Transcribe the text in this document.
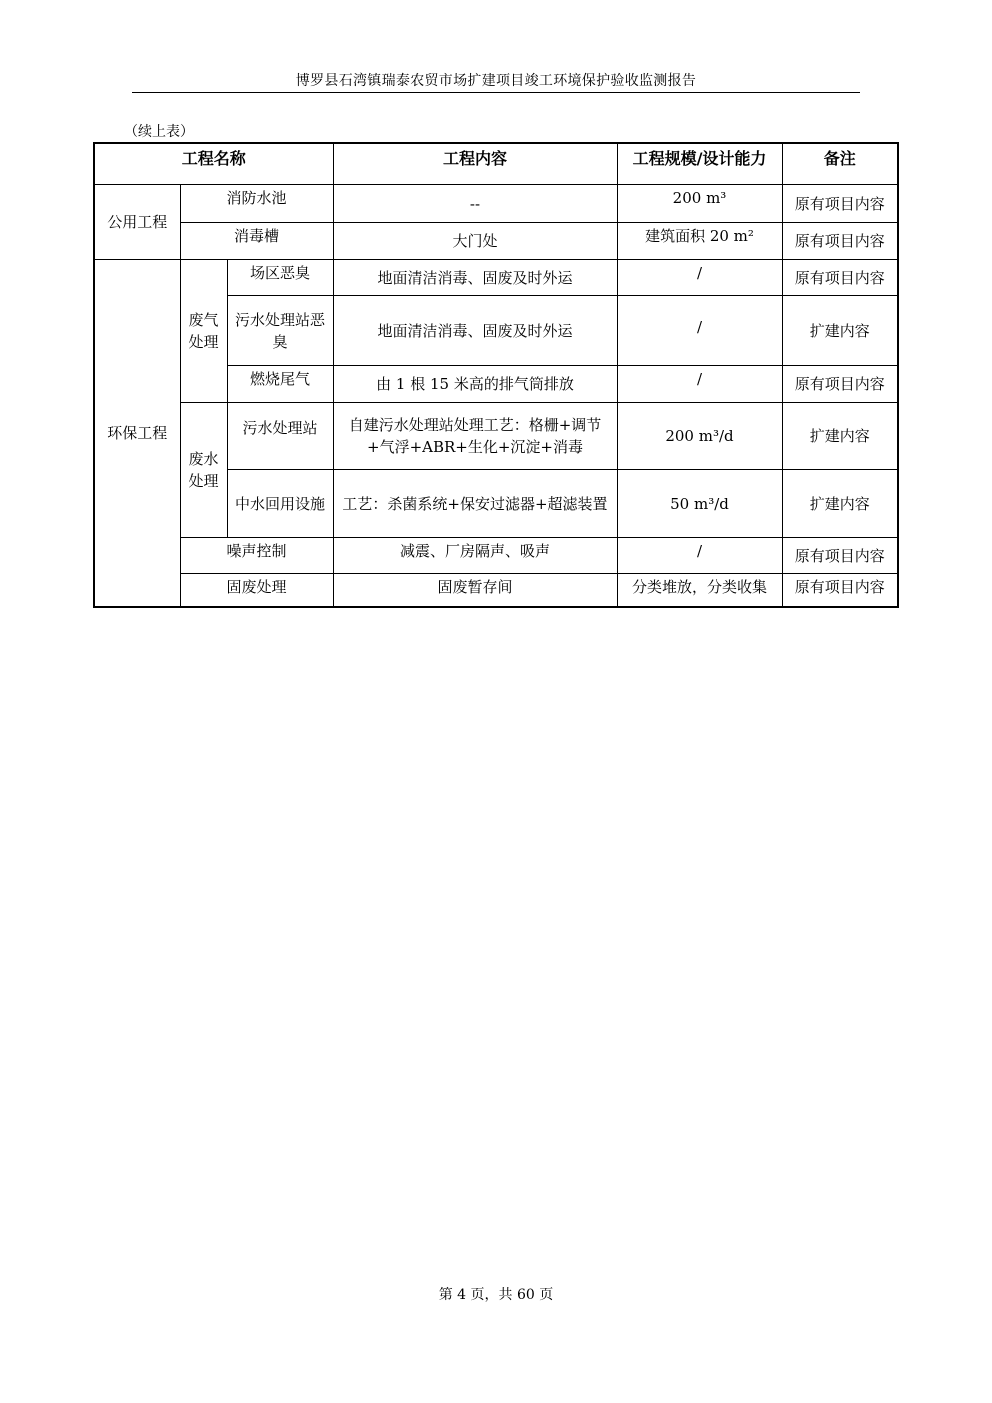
博罗县石湾镇瑞泰农贸市场扩建项目竣工环境保护验收监测报告
（续上表）
工程名称			工程内容	工程规模/设计能力	备注
公用工程	消防水池		--	200 m³	原有项目内容
	消毒槽		大门处	建筑面积 20 m²	原有项目内容
环保工程	废气处理	场区恶臭	地面清洁消毒、固废及时外运	/	原有项目内容
		污水处理站恶臭	地面清洁消毒、固废及时外运	/	扩建内容
		燃烧尾气	由 1 根 15 米高的排气筒排放	/	原有项目内容
	废水处理	污水处理站	自建污水处理站处理工艺：格栅+调节+气浮+ABR+生化+沉淀+消毒	200 m³/d	扩建内容
		中水回用设施	工艺：杀菌系统+保安过滤器+超滤装置	50 m³/d	扩建内容
	噪声控制		减震、厂房隔声、吸声	/	原有项目内容
	固废处理		固废暂存间	分类堆放，分类收集	原有项目内容
第 4 页，共 60 页
